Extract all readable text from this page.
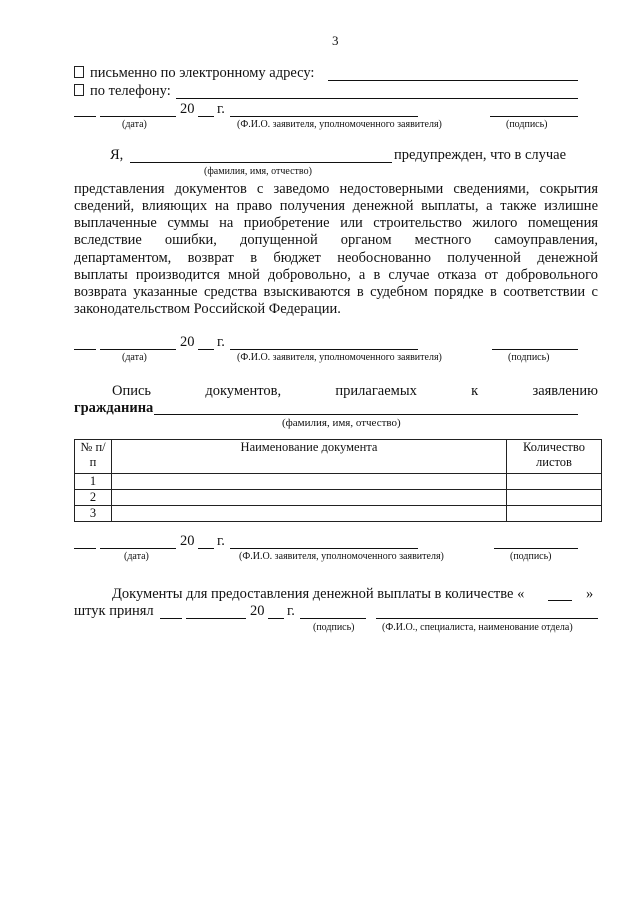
3
письменно по электронному адресу:
по телефону:
20 г.
(дата)	(Ф.И.О. заявителя, уполномоченного заявителя)	(подпись)
Я,	предупрежден, что в случае
(фамилия, имя, отчество)
представления документов с заведомо недостоверными сведениями, сокрытия
сведений, влияющих на право получения денежной выплаты, а также излишне
выплаченные суммы на приобретение или строительство жилого помещения
вследствие ошибки, допущенной органом местного самоуправления,
департаментом, возврат в бюджет необоснованно полученной денежной
выплаты производится мной добровольно, а в случае отказа от добровольного
возврата указанные средства взыскиваются в судебном порядке в соответствии с
законодательством Российской Федерации.
20 г.
(дата)	(Ф.И.О. заявителя, уполномоченного заявителя)	(подпись)
Опись документов, прилагаемых к заявлению
гражданина
(фамилия, имя, отчество)
№ п/п	Наименование документа	Количество листов
1		
2		
3		
20 г.
(дата)	(Ф.И.О. заявителя, уполномоченного заявителя)	(подпись)
Документы для предоставления денежной выплаты в количестве «	»
штук принял	20 г.
(подпись)	(Ф.И.О., специалиста, наименование отдела)
